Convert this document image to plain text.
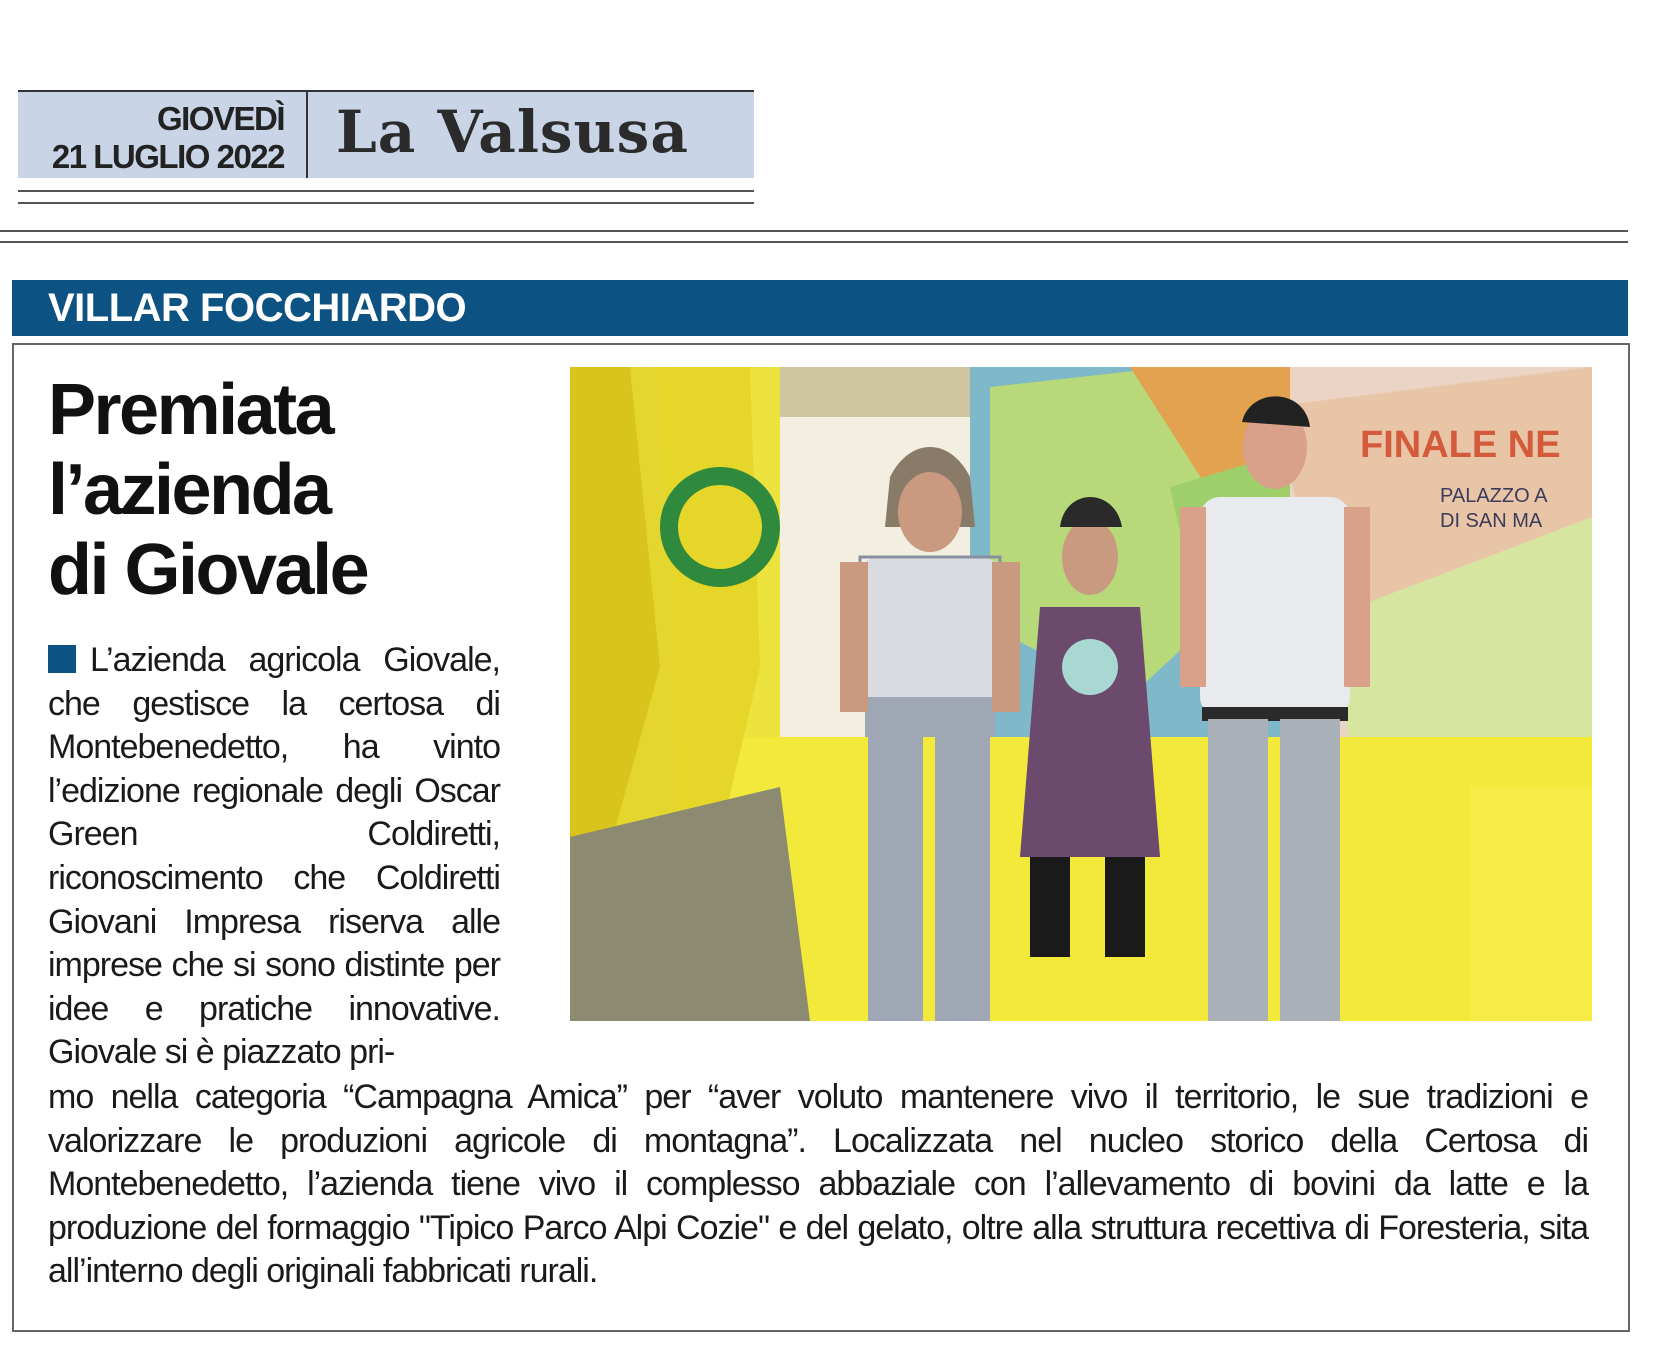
GIOVEDÌ
21 LUGLIO 2022 La Valsusa
VILLAR FOCCHIARDO
Premiata
l’azienda
di Giovale
L’azienda agricola Giovale, che gestisce la certosa di Montebenedetto, ha vinto l’edizione regionale degli Oscar Green Coldiretti, riconoscimento che Coldiretti Giovani Impresa riserva alle imprese che si sono distinte per idee e pratiche innovative. Giovale si è piazzato pri-
mo nella categoria “Campagna Amica” per “aver voluto mantenere vivo il territorio, le sue tradizioni e valorizzare le produzioni agricole di montagna”. Localizzata nel nucleo storico della Certosa di Montebenedetto, l’azienda tiene vivo il complesso abbaziale con l’allevamento di bovini da latte e la produzione del formaggio "Tipico Parco Alpi Cozie" e del gelato, oltre alla struttura recettiva di Foresteria, sita all’interno degli originali fabbricati rurali.
FINALE NE
PALAZZO A
DI SAN MA
